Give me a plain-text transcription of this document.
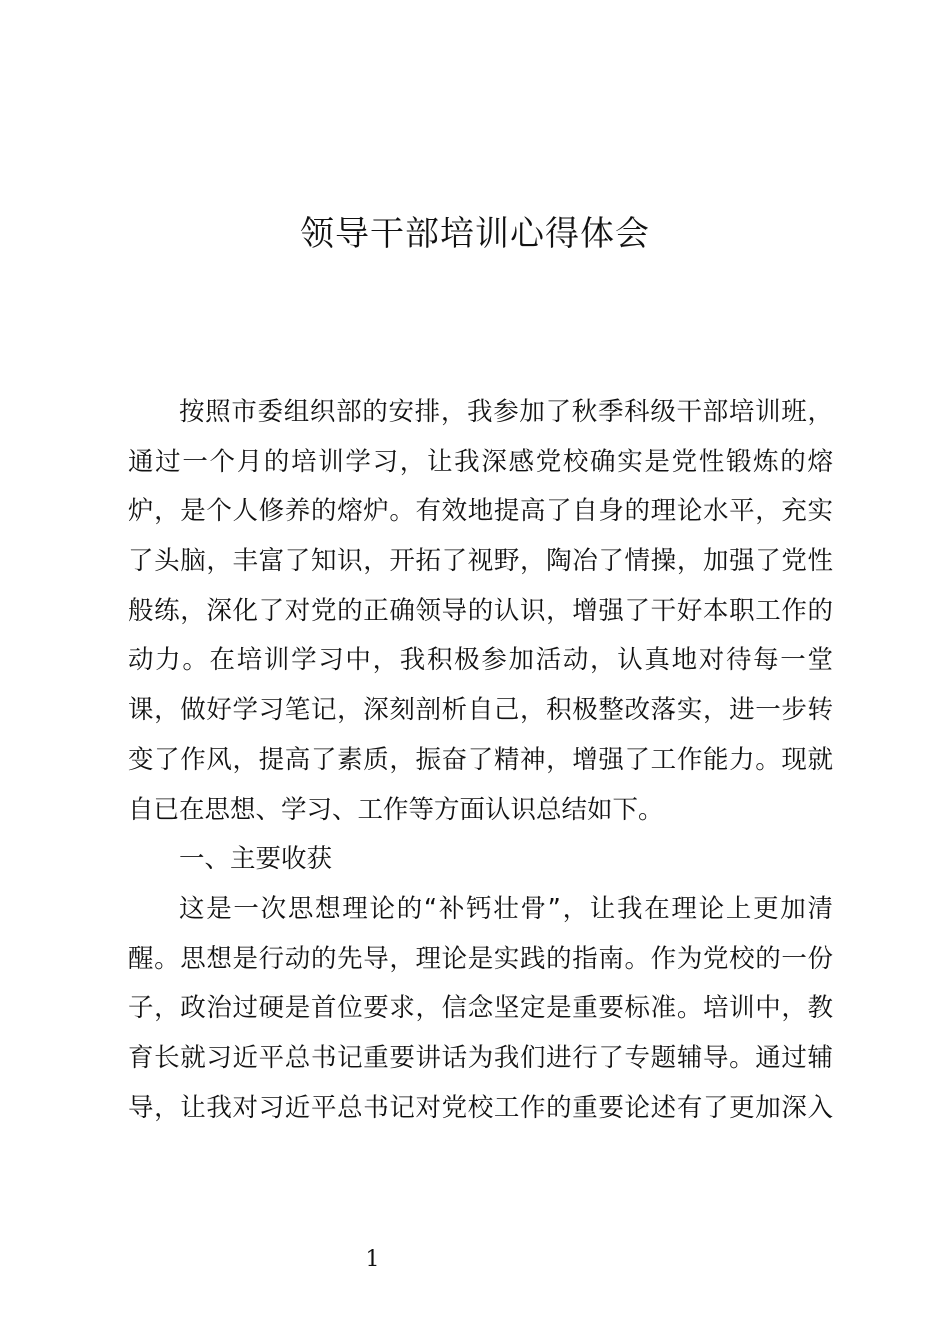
领导干部培训心得体会
按照市委组织部的安排，我参加了秋季科级干部培训班，
通过一个月的培训学习，让我深感党校确实是党性锻炼的熔
炉，是个人修养的熔炉。有效地提高了自身的理论水平，充实
了头脑，丰富了知识，开拓了视野，陶冶了情操，加强了党性
般练，深化了对党的正确领导的认识，增强了干好本职工作的
动力。在培训学习中，我积极参加活动，认真地对待每一堂
课，做好学习笔记，深刻剖析自己，积极整改落实，进一步转
变了作风，提高了素质，振奋了精神，增强了工作能力。现就
自已在思想、学习、工作等方面认识总结如下。
一、主要收获
这是一次思想理论的“补钙壮骨”，让我在理论上更加清
醒。思想是行动的先导，理论是实践的指南。作为党校的一份
子，政治过硬是首位要求，信念坚定是重要标准。培训中，教
育长就习近平总书记重要讲话为我们进行了专题辅导。通过辅
导，让我对习近平总书记对党校工作的重要论述有了更加深入
1
